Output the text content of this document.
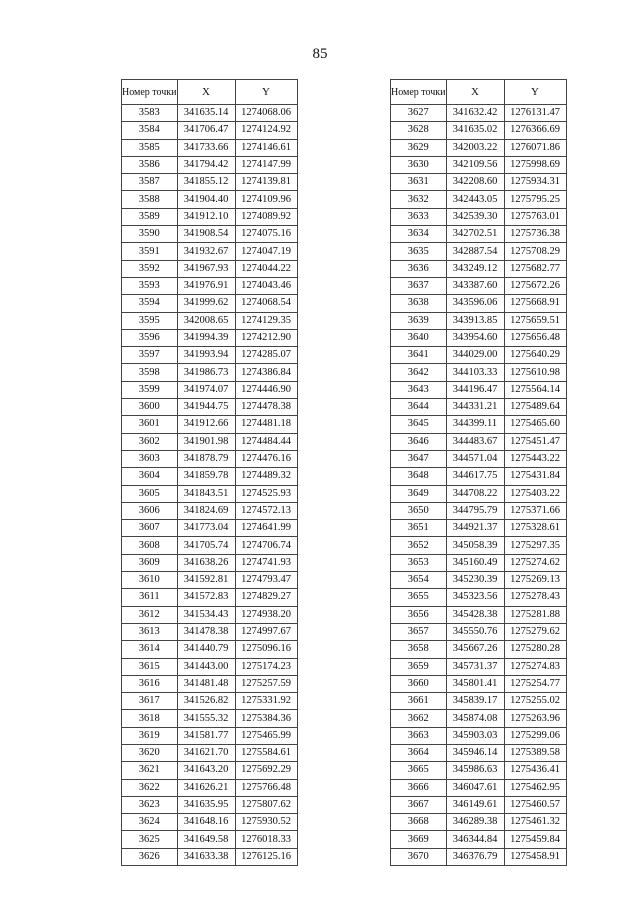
85
Номер точки	X	Y
3583	341635.14	1274068.06
3584	341706.47	1274124.92
3585	341733.66	1274146.61
3586	341794.42	1274147.99
3587	341855.12	1274139.81
3588	341904.40	1274109.96
3589	341912.10	1274089.92
3590	341908.54	1274075.16
3591	341932.67	1274047.19
3592	341967.93	1274044.22
3593	341976.91	1274043.46
3594	341999.62	1274068.54
3595	342008.65	1274129.35
3596	341994.39	1274212.90
3597	341993.94	1274285.07
3598	341986.73	1274386.84
3599	341974.07	1274446.90
3600	341944.75	1274478.38
3601	341912.66	1274481.18
3602	341901.98	1274484.44
3603	341878.79	1274476.16
3604	341859.78	1274489.32
3605	341843.51	1274525.93
3606	341824.69	1274572.13
3607	341773.04	1274641.99
3608	341705.74	1274706.74
3609	341638.26	1274741.93
3610	341592.81	1274793.47
3611	341572.83	1274829.27
3612	341534.43	1274938.20
3613	341478.38	1274997.67
3614	341440.79	1275096.16
3615	341443.00	1275174.23
3616	341481.48	1275257.59
3617	341526.82	1275331.92
3618	341555.32	1275384.36
3619	341581.77	1275465.99
3620	341621.70	1275584.61
3621	341643.20	1275692.29
3622	341626.21	1275766.48
3623	341635.95	1275807.62
3624	341648.16	1275930.52
3625	341649.58	1276018.33
3626	341633.38	1276125.16
Номер точки	X	Y
3627	341632.42	1276131.47
3628	341635.02	1276366.69
3629	342003.22	1276071.86
3630	342109.56	1275998.69
3631	342208.60	1275934.31
3632	342443.05	1275795.25
3633	342539.30	1275763.01
3634	342702.51	1275736.38
3635	342887.54	1275708.29
3636	343249.12	1275682.77
3637	343387.60	1275672.26
3638	343596.06	1275668.91
3639	343913.85	1275659.51
3640	343954.60	1275656.48
3641	344029.00	1275640.29
3642	344103.33	1275610.98
3643	344196.47	1275564.14
3644	344331.21	1275489.64
3645	344399.11	1275465.60
3646	344483.67	1275451.47
3647	344571.04	1275443.22
3648	344617.75	1275431.84
3649	344708.22	1275403.22
3650	344795.79	1275371.66
3651	344921.37	1275328.61
3652	345058.39	1275297.35
3653	345160.49	1275274.62
3654	345230.39	1275269.13
3655	345323.56	1275278.43
3656	345428.38	1275281.88
3657	345550.76	1275279.62
3658	345667.26	1275280.28
3659	345731.37	1275274.83
3660	345801.41	1275254.77
3661	345839.17	1275255.02
3662	345874.08	1275263.96
3663	345903.03	1275299.06
3664	345946.14	1275389.58
3665	345986.63	1275436.41
3666	346047.61	1275462.95
3667	346149.61	1275460.57
3668	346289.38	1275461.32
3669	346344.84	1275459.84
3670	346376.79	1275458.91
